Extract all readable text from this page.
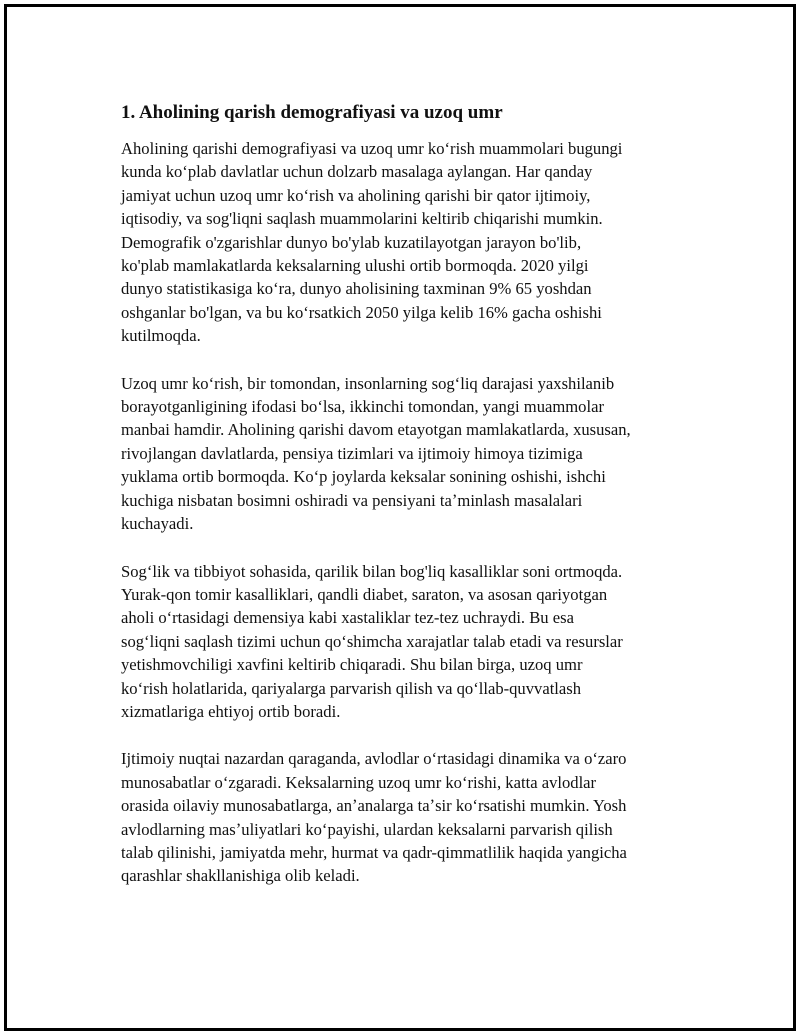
1. Aholining qarish demografiyasi va uzoq umr

Aholining qarishi demografiyasi va uzoq umr koʻrish muammolari bugungi
kunda koʻplab davlatlar uchun dolzarb masalaga aylangan. Har qanday
jamiyat uchun uzoq umr koʻrish va aholining qarishi bir qator ijtimoiy,
iqtisodiy, va sog'liqni saqlash muammolarini keltirib chiqarishi mumkin.
Demografik o'zgarishlar dunyo bo'ylab kuzatilayotgan jarayon bo'lib,
ko'plab mamlakatlarda keksalarning ulushi ortib bormoqda. 2020 yilgi
dunyo statistikasiga koʻra, dunyo aholisining taxminan 9% 65 yoshdan
oshganlar bo'lgan, va bu koʻrsatkich 2050 yilga kelib 16% gacha oshishi
kutilmoqda.

Uzoq umr koʻrish, bir tomondan, insonlarning sogʻliq darajasi yaxshilanib
borayotganligining ifodasi boʻlsa, ikkinchi tomondan, yangi muammolar
manbai hamdir. Aholining qarishi davom etayotgan mamlakatlarda, xususan,
rivojlangan davlatlarda, pensiya tizimlari va ijtimoiy himoya tizimiga
yuklama ortib bormoqda. Koʻp joylarda keksalar sonining oshishi, ishchi
kuchiga nisbatan bosimni oshiradi va pensiyani taʼminlash masalalari
kuchayadi.

Sogʻlik va tibbiyot sohasida, qarilik bilan bog'liq kasalliklar soni ortmoqda.
Yurak-qon tomir kasalliklari, qandli diabet, saraton, va asosan qariyotgan
aholi oʻrtasidagi demensiya kabi xastaliklar tez-tez uchraydi. Bu esa
sogʻliqni saqlash tizimi uchun qoʻshimcha xarajatlar talab etadi va resurslar
yetishmovchiligi xavfini keltirib chiqaradi. Shu bilan birga, uzoq umr
koʻrish holatlarida, qariyalarga parvarish qilish va qoʻllab-quvvatlash
xizmatlariga ehtiyoj ortib boradi.

Ijtimoiy nuqtai nazardan qaraganda, avlodlar oʻrtasidagi dinamika va oʻzaro
munosabatlar oʻzgaradi. Keksalarning uzoq umr koʻrishi, katta avlodlar
orasida oilaviy munosabatlarga, anʼanalarga taʼsir koʻrsatishi mumkin. Yosh
avlodlarning masʼuliyatlari koʻpayishi, ulardan keksalarni parvarish qilish
talab qilinishi, jamiyatda mehr, hurmat va qadr-qimmatlilik haqida yangicha
qarashlar shakllanishiga olib keladi.
